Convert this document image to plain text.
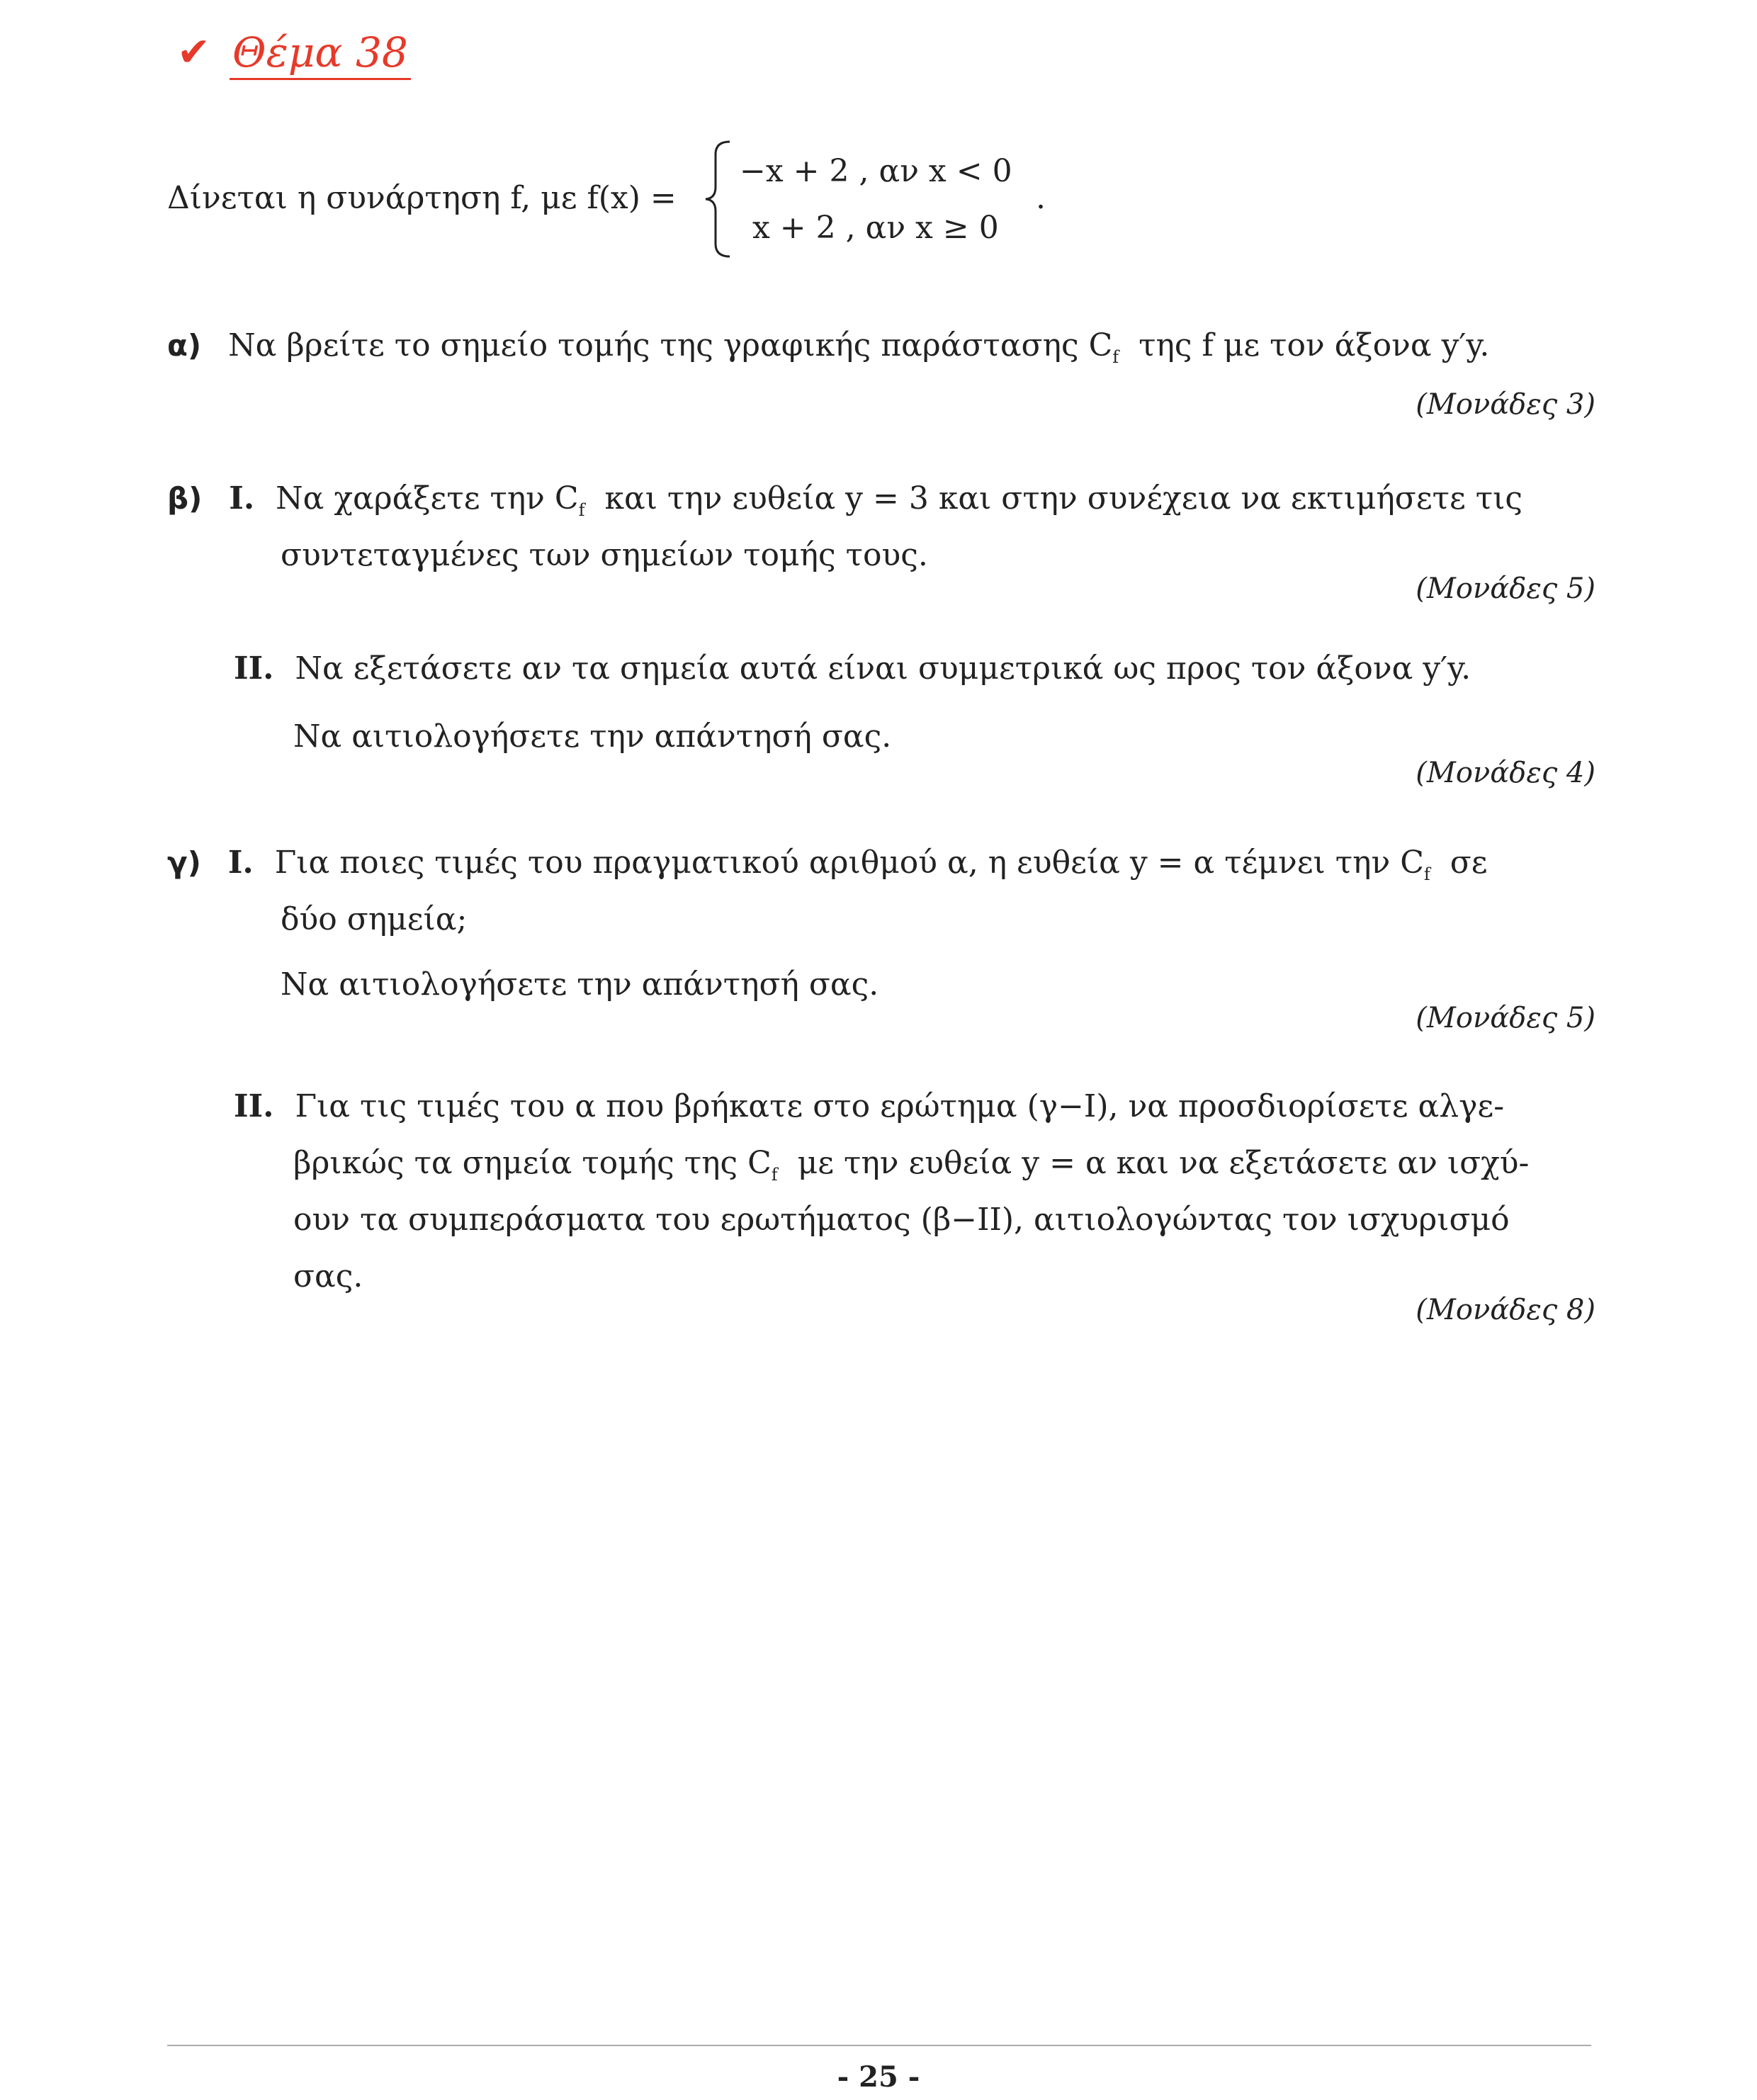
✔ Θέμα 38
Δίνεται η συνάρτηση f, με f(x) =
−x + 2 , αν x < 0
x + 2 , αν x ≥ 0
.
α) Να βρείτε το σημείο τομής της γραφικής παράστασης $C_f$ της f με τον άξονα y′y.
(Μονάδες 3)
β) I. Να χαράξετε την $C_f$ και την ευθεία y = 3 και στην συνέχεια να εκτιμήσετε τις
συντεταγμένες των σημείων τομής τους.
(Μονάδες 5)
II. Να εξετάσετε αν τα σημεία αυτά είναι συμμετρικά ως προς τον άξονα y′y.
Να αιτιολογήσετε την απάντησή σας.
(Μονάδες 4)
γ) I. Για ποιες τιμές του πραγματικού αριθμού α, η ευθεία y = α τέμνει την $C_f$ σε
δύο σημεία;
Να αιτιολογήσετε την απάντησή σας.
(Μονάδες 5)
II. Για τις τιμές του α που βρήκατε στο ερώτημα (γ−I), να προσδιορίσετε αλγε-
βρικώς τα σημεία τομής της $C_f$ με την ευθεία y = α και να εξετάσετε αν ισχύ-
ουν τα συμπεράσματα του ερωτήματος (β−II), αιτιολογώντας τον ισχυρισμό
σας.
(Μονάδες 8)
- 25 -
